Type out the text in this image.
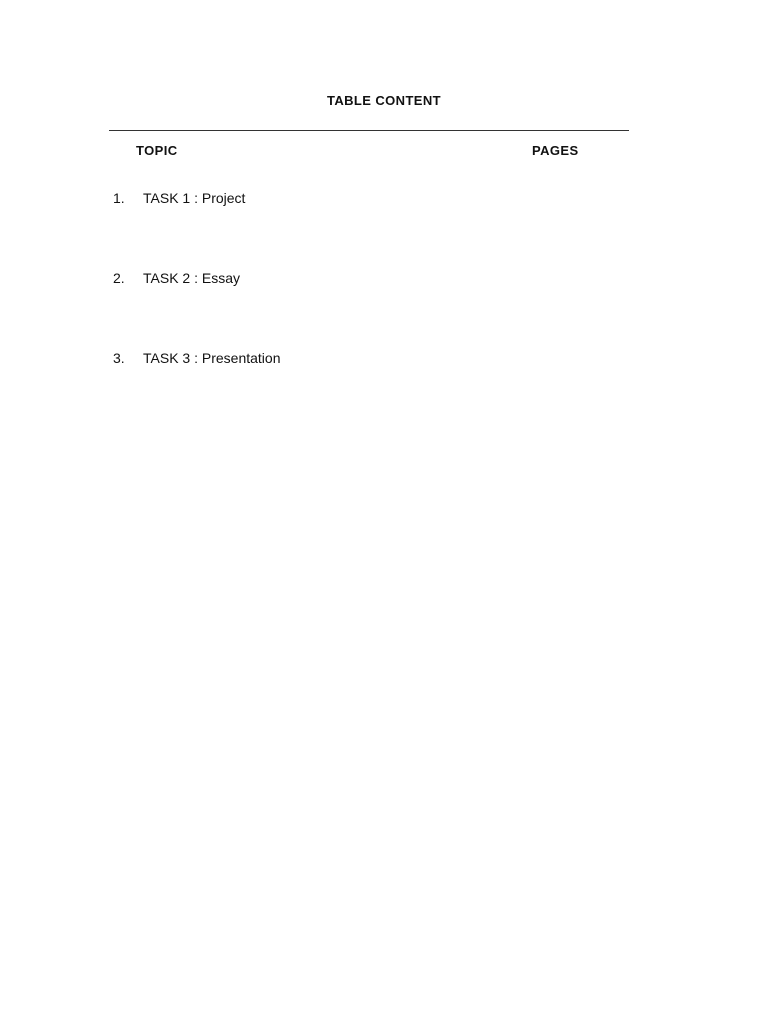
TABLE CONTENT
TOPIC	PAGES
1. TASK 1 : Project
2. TASK 2 : Essay
3. TASK 3 : Presentation
